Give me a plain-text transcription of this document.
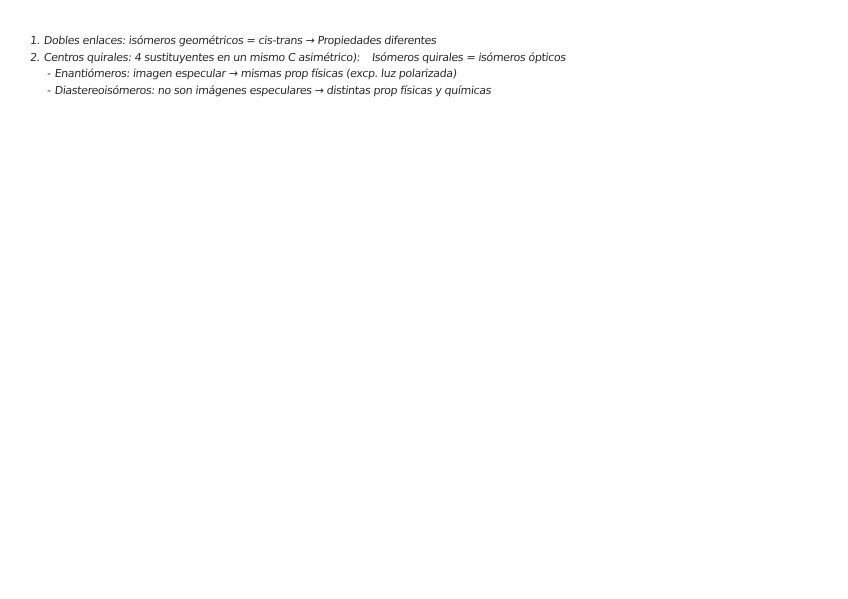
1. Dobles enlaces: isómeros geométricos = cis-trans → Propiedades diferentes
2. Centros quirales: 4 sustituyentes en un mismo C asimétrico): Isómeros quirales = isómeros ópticos
- Enantiómeros: imagen especular → mismas prop físicas (excp. luz polarizada)
- Diastereoisómeros: no son imágenes especulares → distintas prop físicas y químicas
